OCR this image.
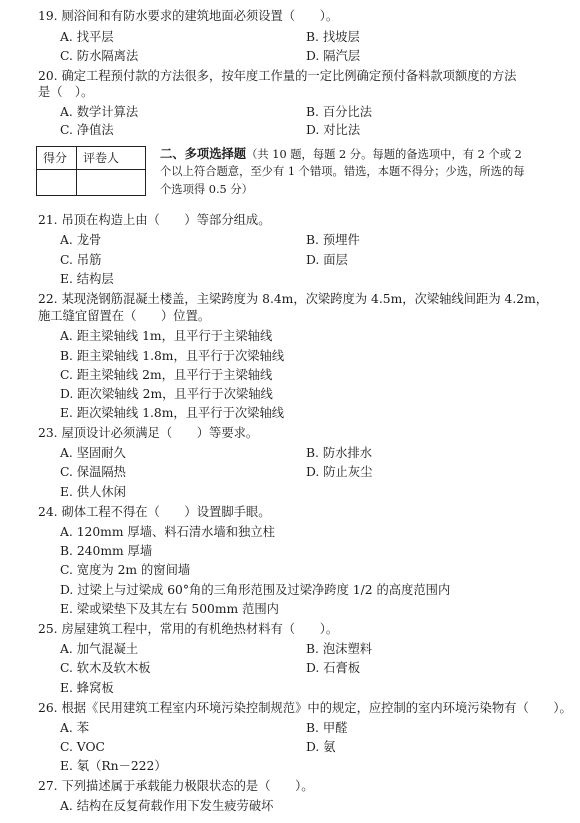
19. 厕浴间和有防水要求的建筑地面必须设置（　　）。
A. 找平层	B. 找坡层
C. 防水隔离法	D. 隔汽层
20. 确定工程预付款的方法很多，按年度工作量的一定比例确定预付备料款项额度的方法
是（　）。
A. 数学计算法	B. 百分比法
C. 净值法	D. 对比法
21. 吊顶在构造上由（　　）等部分组成。
A. 龙骨	B. 预埋件
C. 吊筋	D. 面层
E. 结构层
22. 某现浇钢筋混凝土楼盖，主梁跨度为 8.4m，次梁跨度为 4.5m，次梁轴线间距为 4.2m，
施工缝宜留置在（　　）位置。
A. 距主梁轴线 1m，且平行于主梁轴线
B. 距主梁轴线 1.8m，且平行于次梁轴线
C. 距主梁轴线 2m，且平行于主梁轴线
D. 距次梁轴线 2m，且平行于次梁轴线
E. 距次梁轴线 1.8m，且平行于次梁轴线
23. 屋顶设计必须满足（　　）等要求。
A. 坚固耐久	B. 防水排水
C. 保温隔热	D. 防止灰尘
E. 供人休闲
24. 砌体工程不得在（　　）设置脚手眼。
A. 120mm 厚墙、料石清水墙和独立柱
B. 240mm 厚墙
C. 宽度为 2m 的窗间墙
D. 过梁上与过梁成 60°角的三角形范围及过梁净跨度 1/2 的高度范围内
E. 梁或梁垫下及其左右 500mm 范围内
25. 房屋建筑工程中，常用的有机绝热材料有（　　）。
A. 加气混凝土	B. 泡沫塑料
C. 软木及软木板	D. 石膏板
E. 蜂窝板
26. 根据《民用建筑工程室内环境污染控制规范》中的规定，应控制的室内环境污染物有（　　）。
A. 苯	B. 甲醛
C. VOC	D. 氨
E. 氡（Rn－222）
27. 下列描述属于承载能力极限状态的是（　　）。
A. 结构在反复荷载作用下发生疲劳破坏
得分 评卷人	二、多项选择题（共 10 题，每题 2 分。每题的备选项中，有 2 个或 2
个以上符合题意，至少有 1 个错项。错选，本题不得分；少选，所选的每
个选项得 0.5 分）
